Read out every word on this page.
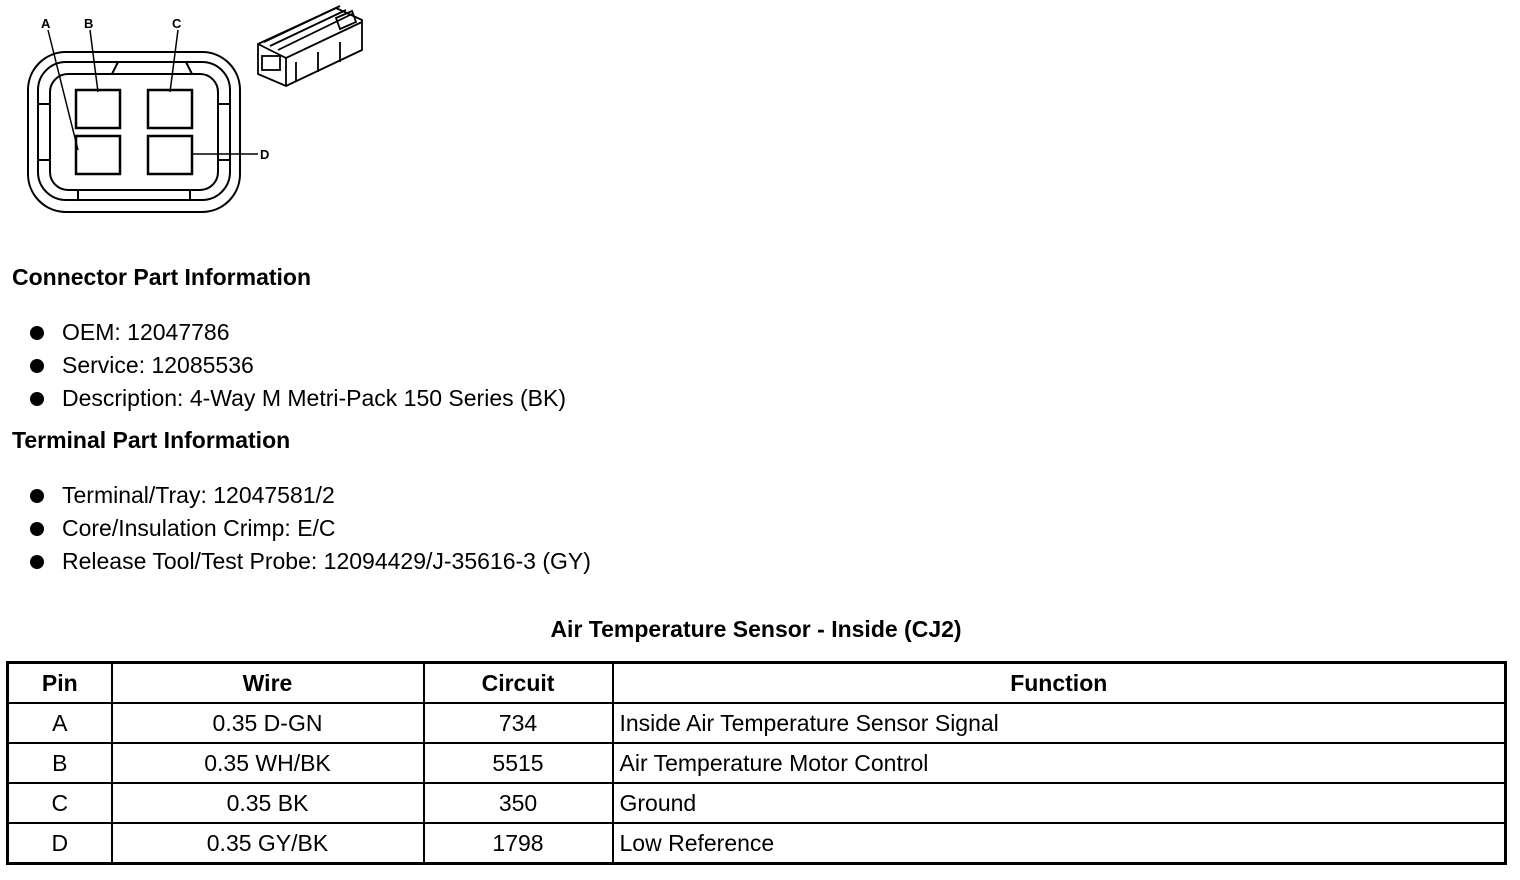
A	B	C
D
Connector Part Information
OEM: 12047786
Service: 12085536
Description: 4-Way M Metri-Pack 150 Series (BK)
Terminal Part Information
Terminal/Tray: 12047581/2
Core/Insulation Crimp: E/C
Release Tool/Test Probe: 12094429/J-35616-3 (GY)
Air Temperature Sensor - Inside (CJ2)
Pin	Wire	Circuit	Function
A	0.35 D-GN	734	Inside Air Temperature Sensor Signal
B	0.35 WH/BK	5515	Air Temperature Motor Control
C	0.35 BK	350	Ground
D	0.35 GY/BK	1798	Low Reference
